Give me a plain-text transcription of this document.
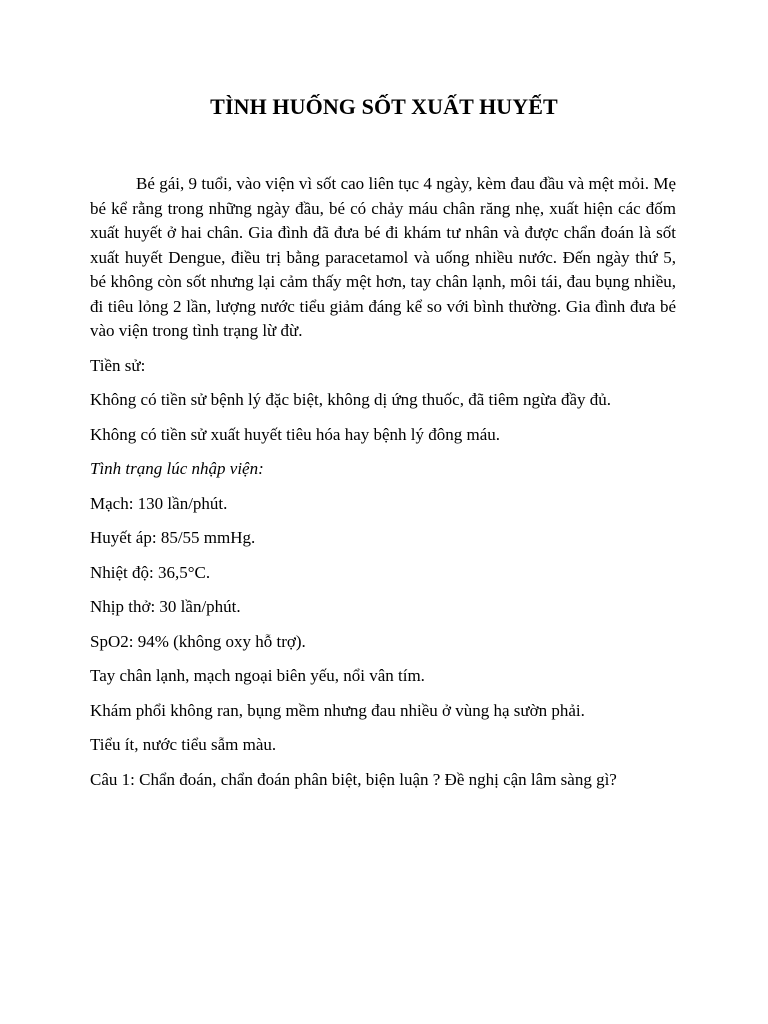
TÌNH HUỐNG SỐT XUẤT HUYẾT

Bé gái, 9 tuổi, vào viện vì sốt cao liên tục 4 ngày, kèm đau đầu và mệt mỏi. Mẹ bé kể rằng trong những ngày đầu, bé có chảy máu chân răng nhẹ, xuất hiện các đốm xuất huyết ở hai chân. Gia đình đã đưa bé đi khám tư nhân và được chẩn đoán là sốt xuất huyết Dengue, điều trị bằng paracetamol và uống nhiều nước. Đến ngày thứ 5, bé không còn sốt nhưng lại cảm thấy mệt hơn, tay chân lạnh, môi tái, đau bụng nhiều, đi tiêu lỏng 2 lần, lượng nước tiểu giảm đáng kể so với bình thường. Gia đình đưa bé vào viện trong tình trạng lừ đừ.

Tiền sử:

Không có tiền sử bệnh lý đặc biệt, không dị ứng thuốc, đã tiêm ngừa đầy đủ.

Không có tiền sử xuất huyết tiêu hóa hay bệnh lý đông máu.

Tình trạng lúc nhập viện:

Mạch: 130 lần/phút.

Huyết áp: 85/55 mmHg.

Nhiệt độ: 36,5°C.

Nhịp thở: 30 lần/phút.

SpO2: 94% (không oxy hỗ trợ).

Tay chân lạnh, mạch ngoại biên yếu, nổi vân tím.

Khám phổi không ran, bụng mềm nhưng đau nhiều ở vùng hạ sườn phải.

Tiểu ít, nước tiểu sẫm màu.

Câu 1: Chẩn đoán, chẩn đoán phân biệt, biện luận ? Đề nghị cận lâm sàng gì?
